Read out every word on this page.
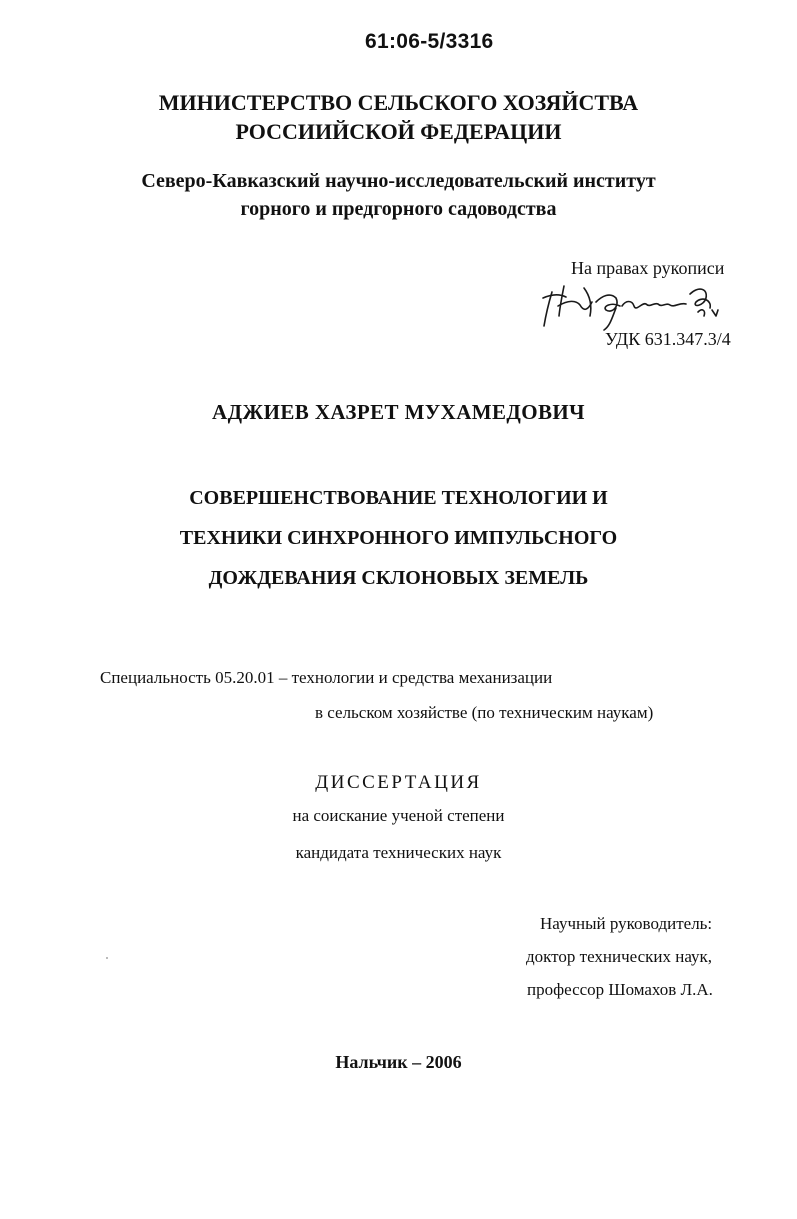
61:06-5/3316
МИНИСТЕРСТВО СЕЛЬСКОГО ХОЗЯЙСТВА
РОССИИЙСКОЙ ФЕДЕРАЦИИ
Северо-Кавказский научно-исследовательский институт
горного и предгорного садоводства
На правах рукописи
УДК 631.347.3/4
АДЖИЕВ ХАЗРЕТ МУХАМЕДОВИЧ
СОВЕРШЕНСТВОВАНИЕ ТЕХНОЛОГИИ И
ТЕХНИКИ СИНХРОННОГО ИМПУЛЬСНОГО
ДОЖДЕВАНИЯ СКЛОНОВЫХ ЗЕМЕЛЬ
Специальность 05.20.01 – технологии и средства механизации
в сельском хозяйстве (по техническим наукам)
ДИССЕРТАЦИЯ
на соискание ученой степени
кандидата технических наук
Научный руководитель:
доктор технических наук,
профессор Шомахов Л.А.
Нальчик – 2006
